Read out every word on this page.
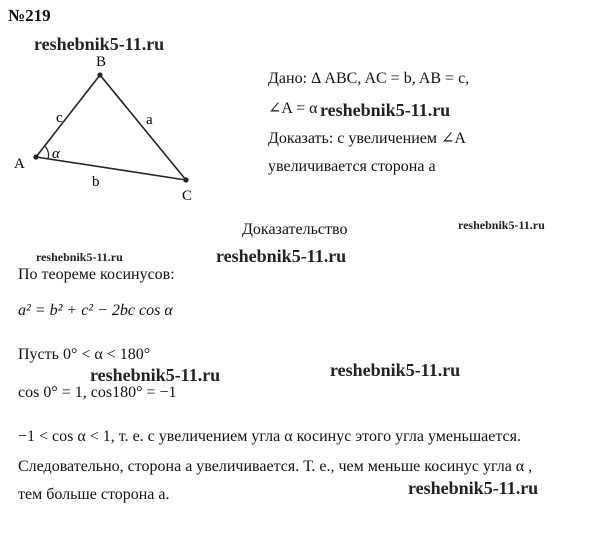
№219
reshebnik5-11.ru
reshebnik5-11.ru
reshebnik5-11.ru
reshebnik5-11.ru	reshebnik5-11.ru
reshebnik5-11.ru	reshebnik5-11.ru
reshebnik5-11.ru
B
A
C
c	a
b
α
Дано: Δ ABC, AC = b, AB = c,
∠A = α
Доказать: с увеличением ∠A
увеличивается сторона a
Доказательство
По теореме косинусов:
a² = b² + c² − 2bc cos α
Пусть 0° < α < 180°
cos 0° = 1, cos180° = −1
−1 < cos α < 1, т. е. с увеличением угла α косинус этого угла уменьшается.
Следовательно, сторона a увеличивается. Т. е., чем меньше косинус угла α ,
тем больше сторона a.
